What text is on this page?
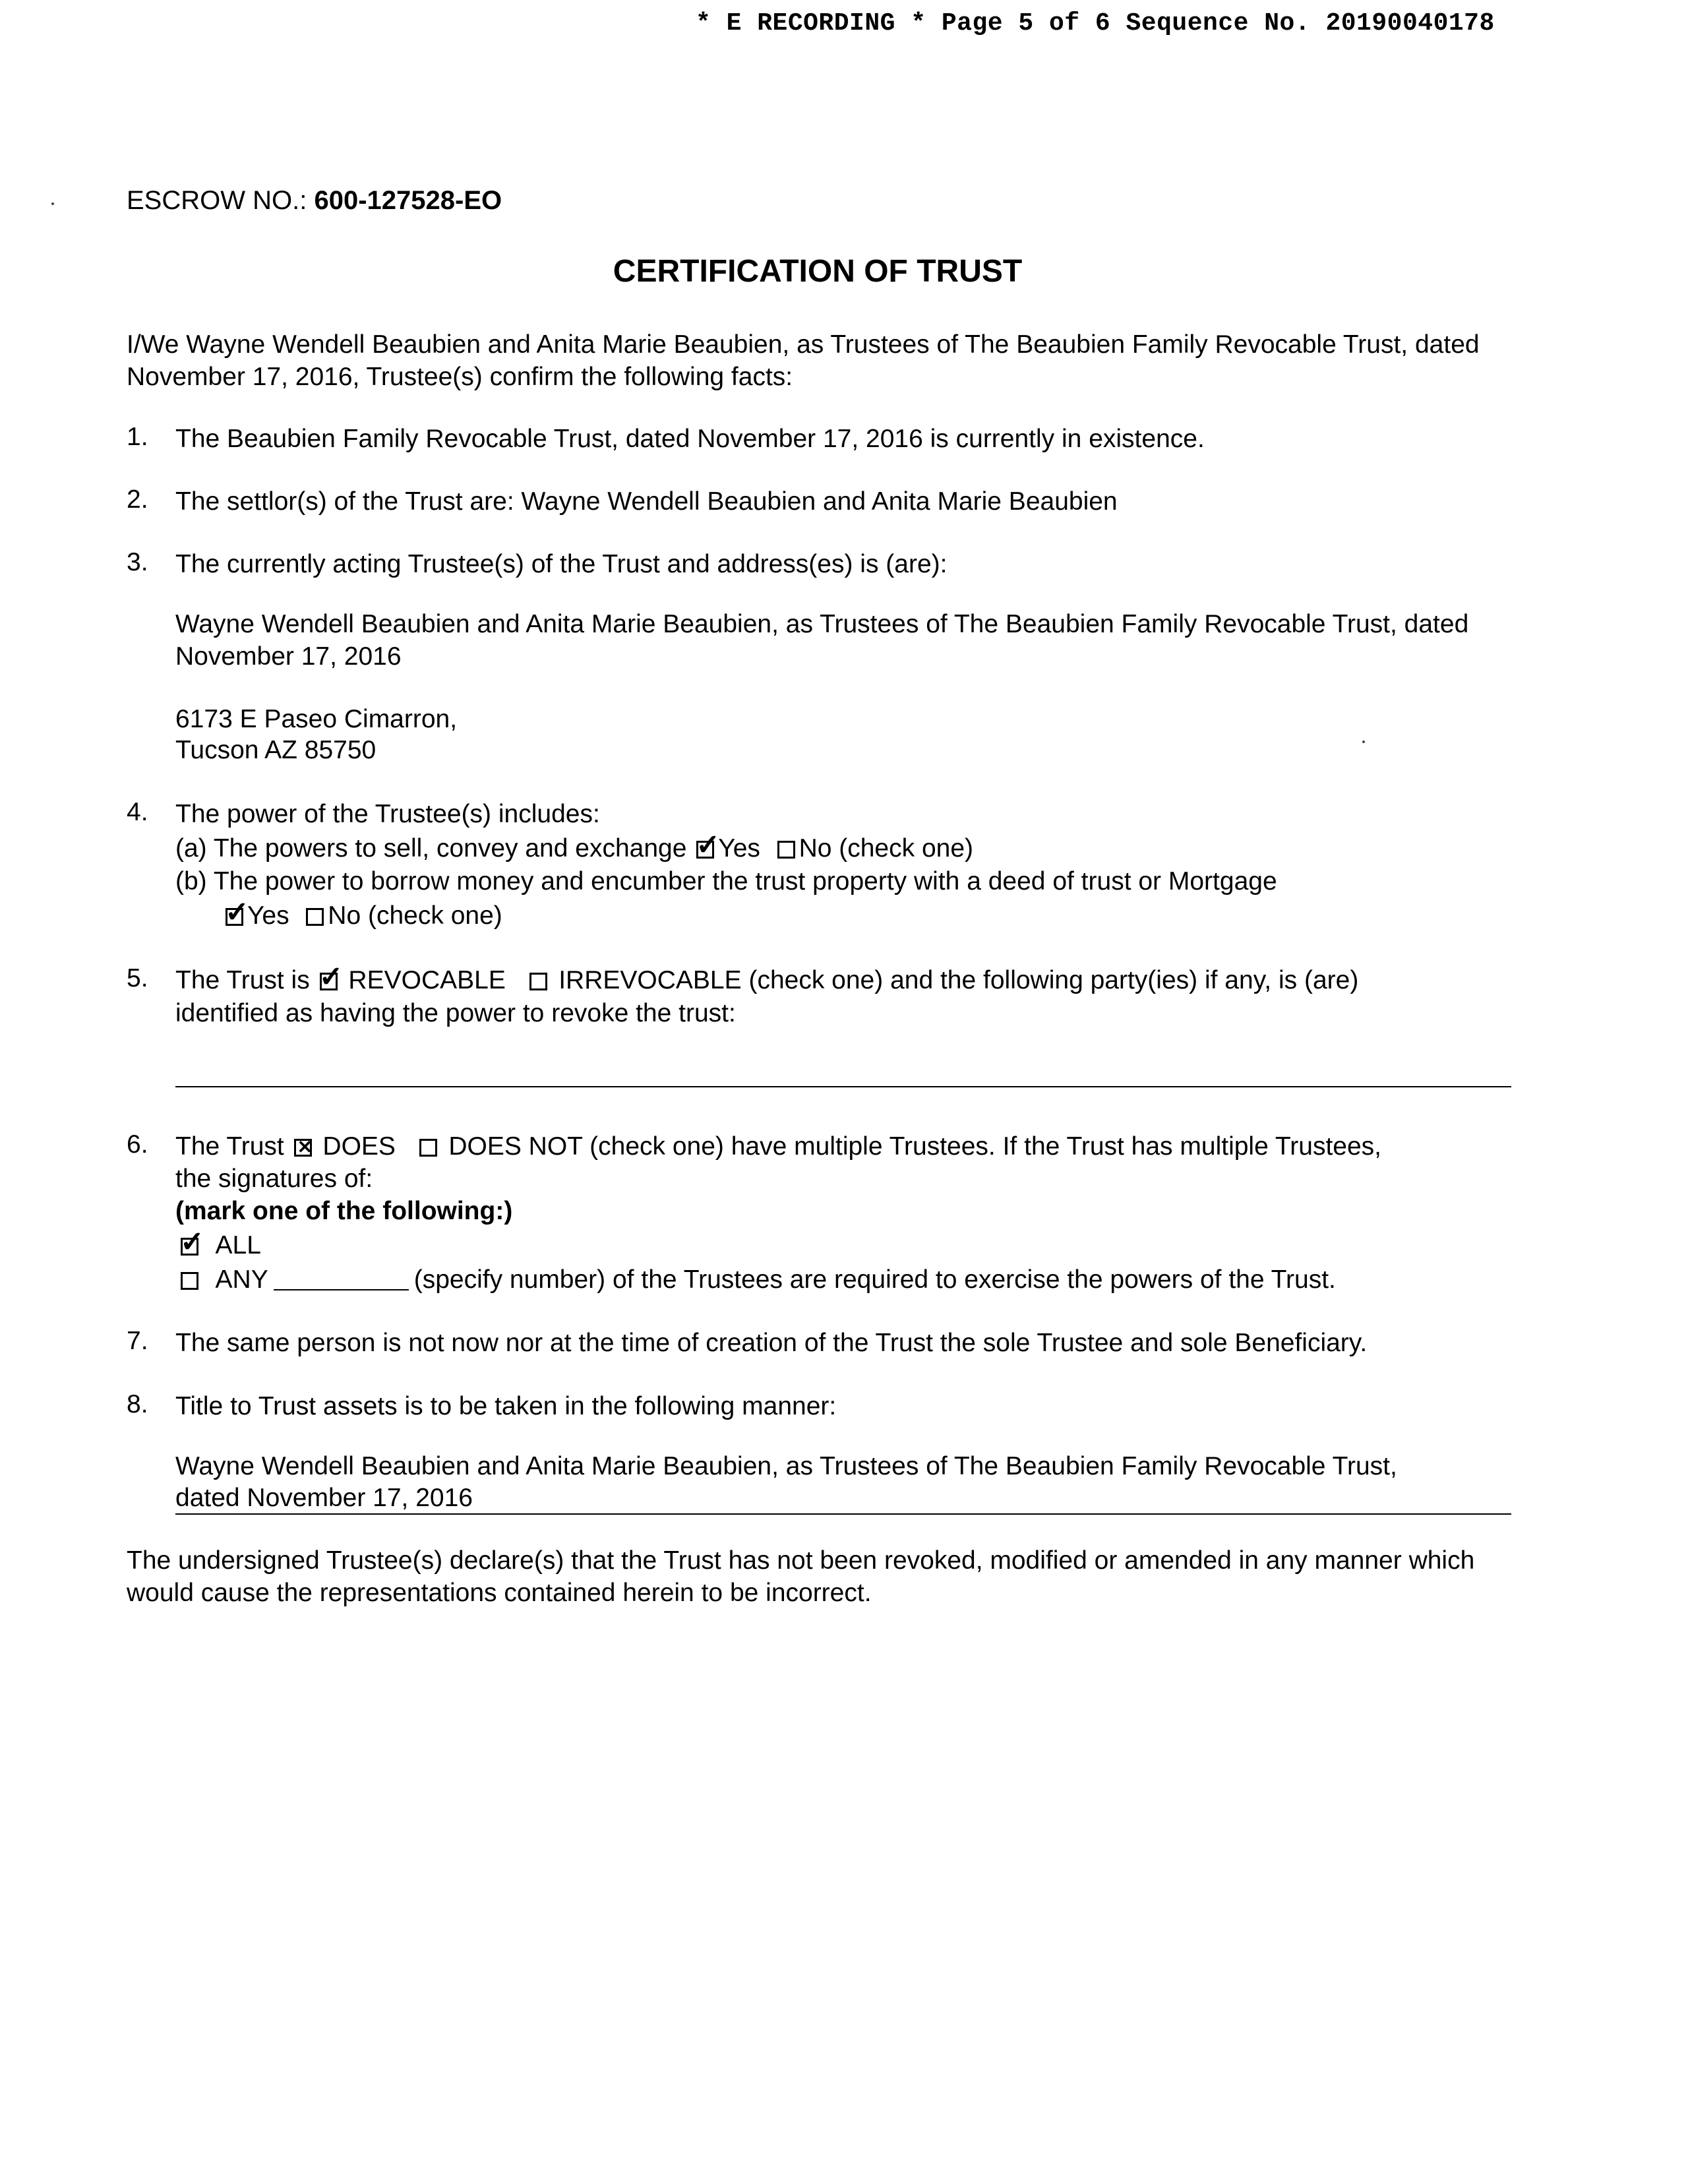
* E RECORDING * Page 5 of 6 Sequence No. 20190040178
ESCROW NO.: 600-127528-EO
CERTIFICATION OF TRUST
I/We Wayne Wendell Beaubien and Anita Marie Beaubien, as Trustees of The Beaubien Family Revocable Trust, dated November 17, 2016, Trustee(s) confirm the following facts:
1. The Beaubien Family Revocable Trust, dated November 17, 2016 is currently in existence.
2. The settlor(s) of the Trust are: Wayne Wendell Beaubien and Anita Marie Beaubien
3. The currently acting Trustee(s) of the Trust and address(es) is (are):
Wayne Wendell Beaubien and Anita Marie Beaubien, as Trustees of The Beaubien Family Revocable Trust, dated November 17, 2016
6173 E Paseo Cimarron,
Tucson AZ 85750
4. The power of the Trustee(s) includes:
(a) The powers to sell, convey and exchange ✓
Yes No (check one)
(b) The power to borrow money and encumber the trust property with a deed of trust or Mortgage
✓
Yes No (check one)
5. The Trust is ✓ REVOCABLE IRREVOCABLE (check one) and the following party(ies) if any, is (are)
identified as having the power to revoke the trust:
6. The Trust ✕ DOES DOES NOT (check one) have multiple Trustees. If the Trust has multiple Trustees,
the signatures of:
(mark one of the following:)
✓ ALL
ANY	(specify number) of the Trustees are required to exercise the powers of the Trust.
7. The same person is not now nor at the time of creation of the Trust the sole Trustee and sole Beneficiary.
8. Title to Trust assets is to be taken in the following manner:
Wayne Wendell Beaubien and Anita Marie Beaubien, as Trustees of The Beaubien Family Revocable Trust,
dated November 17, 2016
The undersigned Trustee(s) declare(s) that the Trust has not been revoked, modified or amended in any manner which would cause the representations contained herein to be incorrect.
